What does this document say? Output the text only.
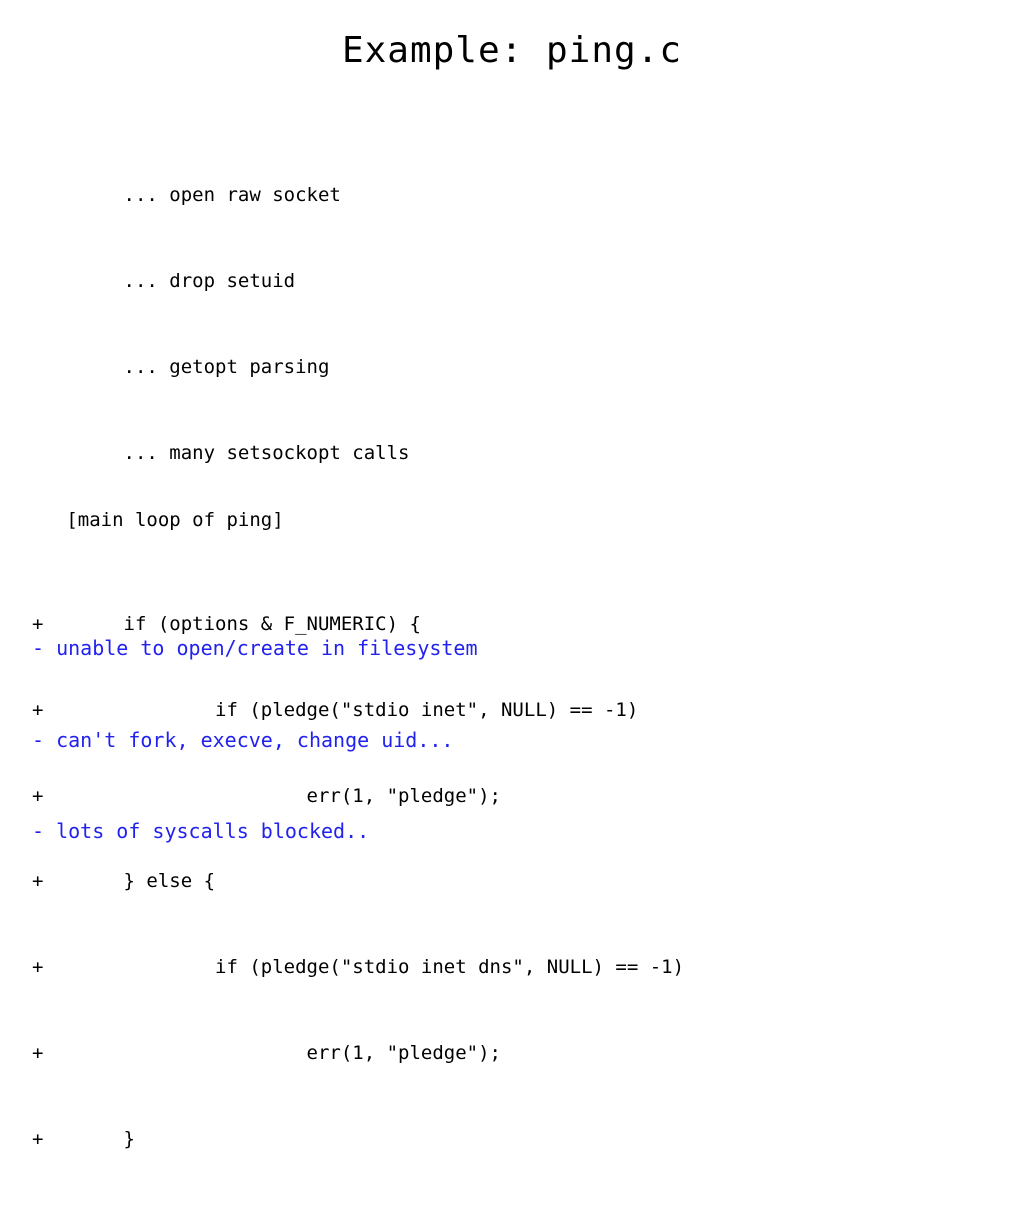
Example: ping.c

... open raw socket

... drop setuid

... getopt parsing

... many setsockopt calls

+       if (options & F_NUMERIC) {

+               if (pledge("stdio inet", NULL) == -1)

+                       err(1, "pledge");

+       } else {

+               if (pledge("stdio inet dns", NULL) == -1)

+                       err(1, "pledge");

+       }

[main loop of ping]

- unable to open/create in filesystem

- can't fork, execve, change uid...

- lots of syscalls blocked..
